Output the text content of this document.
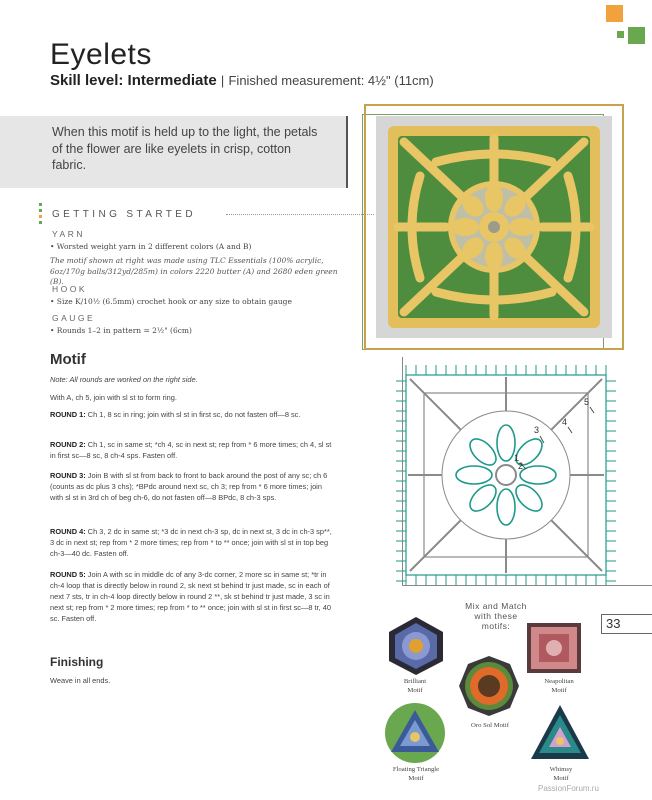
Eyelets
Skill level: Intermediate | Finished measurement: 4½" (11cm)
When this motif is held up to the light, the petals of the flower are like eyelets in crisp, cotton fabric.
GETTING STARTED
YARN
• Worsted weight yarn in 2 different colors (A and B)
The motif shown at right was made using TLC Essentials (100% acrylic, 6oz/170g balls/312yd/285m) in colors 2220 butter (A) and 2680 eden green (B).
HOOK
• Size K/10½ (6.5mm) crochet hook or any size to obtain gauge
GAUGE
• Rounds 1–2 in pattern = 2½" (6cm)
Motif
Note: All rounds are worked on the right side.
With A, ch 5, join with sl st to form ring.
ROUND 1: Ch 1, 8 sc in ring; join with sl st in first sc, do not fasten off—8 sc.
ROUND 2: Ch 1, sc in same st; *ch 4, sc in next st; rep from * 6 more times; ch 4, sl st in first sc—8 sc, 8 ch-4 sps. Fasten off.
ROUND 3: Join B with sl st from back to front to back around the post of any sc; ch 6 (counts as dc plus 3 chs); *BPdc around next sc, ch 3; rep from * 6 more times; join with sl st in 3rd ch of beg ch-6, do not fasten off—8 BPdc, 8 ch-3 sps.
ROUND 4: Ch 3, 2 dc in same st; *3 dc in next ch-3 sp, dc in next st, 3 dc in ch-3 sp**, 3 dc in next st; rep from * 2 more times; rep from * to ** once; join with sl st in top beg ch-3—40 dc. Fasten off.
ROUND 5: Join A with sc in middle dc of any 3-dc corner, 2 more sc in same st; *tr in ch-4 loop that is directly below in round 2, sk next st behind tr just made, sc in each of next 7 sts, tr in ch-4 loop directly below in round 2 **, sk st behind tr just made, 3 sc in next st; rep from * 2 more times; rep from * to ** once; join with sl st in first sc—8 tr, 40 sc. Fasten off.
Finishing
Weave in all ends.
1
2
3
4
5
33
Mix and Match
with these
motifs:
Brilliant
Motif
Neapolitan
Motif
Oro Sol Motif
Floating Triangle
Motif
Whimsy
Motif
PassionForum.ru
